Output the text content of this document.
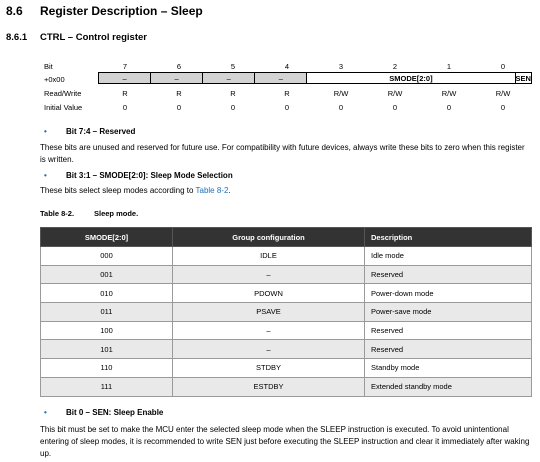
8.6 Register Description – Sleep
8.6.1 CTRL – Control register
Bit	7	6	5	4	3	2	1	0
+0x00	–	–	–	–	SMODE[2:0]	SEN
Read/Write	R	R	R	R	R/W	R/W	R/W	R/W
Initial Value	0	0	0	0	0	0	0	0
• Bit 7:4 – Reserved
These bits are unused and reserved for future use. For compatibility with future devices, always write these bits to zero when this register is written.
• Bit 3:1 – SMODE[2:0]: Sleep Mode Selection
These bits select sleep modes according to Table 8-2.
Table 8-2.	Sleep mode.
SMODE[2:0]	Group configuration	Description
000	IDLE	Idle mode
001	–	Reserved
010	PDOWN	Power-down mode
011	PSAVE	Power-save mode
100	–	Reserved
101	–	Reserved
110	STDBY	Standby mode
111	ESTDBY	Extended standby mode
• Bit 0 – SEN: Sleep Enable
This bit must be set to make the MCU enter the selected sleep mode when the SLEEP instruction is executed. To avoid unintentional entering of sleep modes, it is recommended to write SEN just before executing the SLEEP instruction and clear it immediately after waking up.
